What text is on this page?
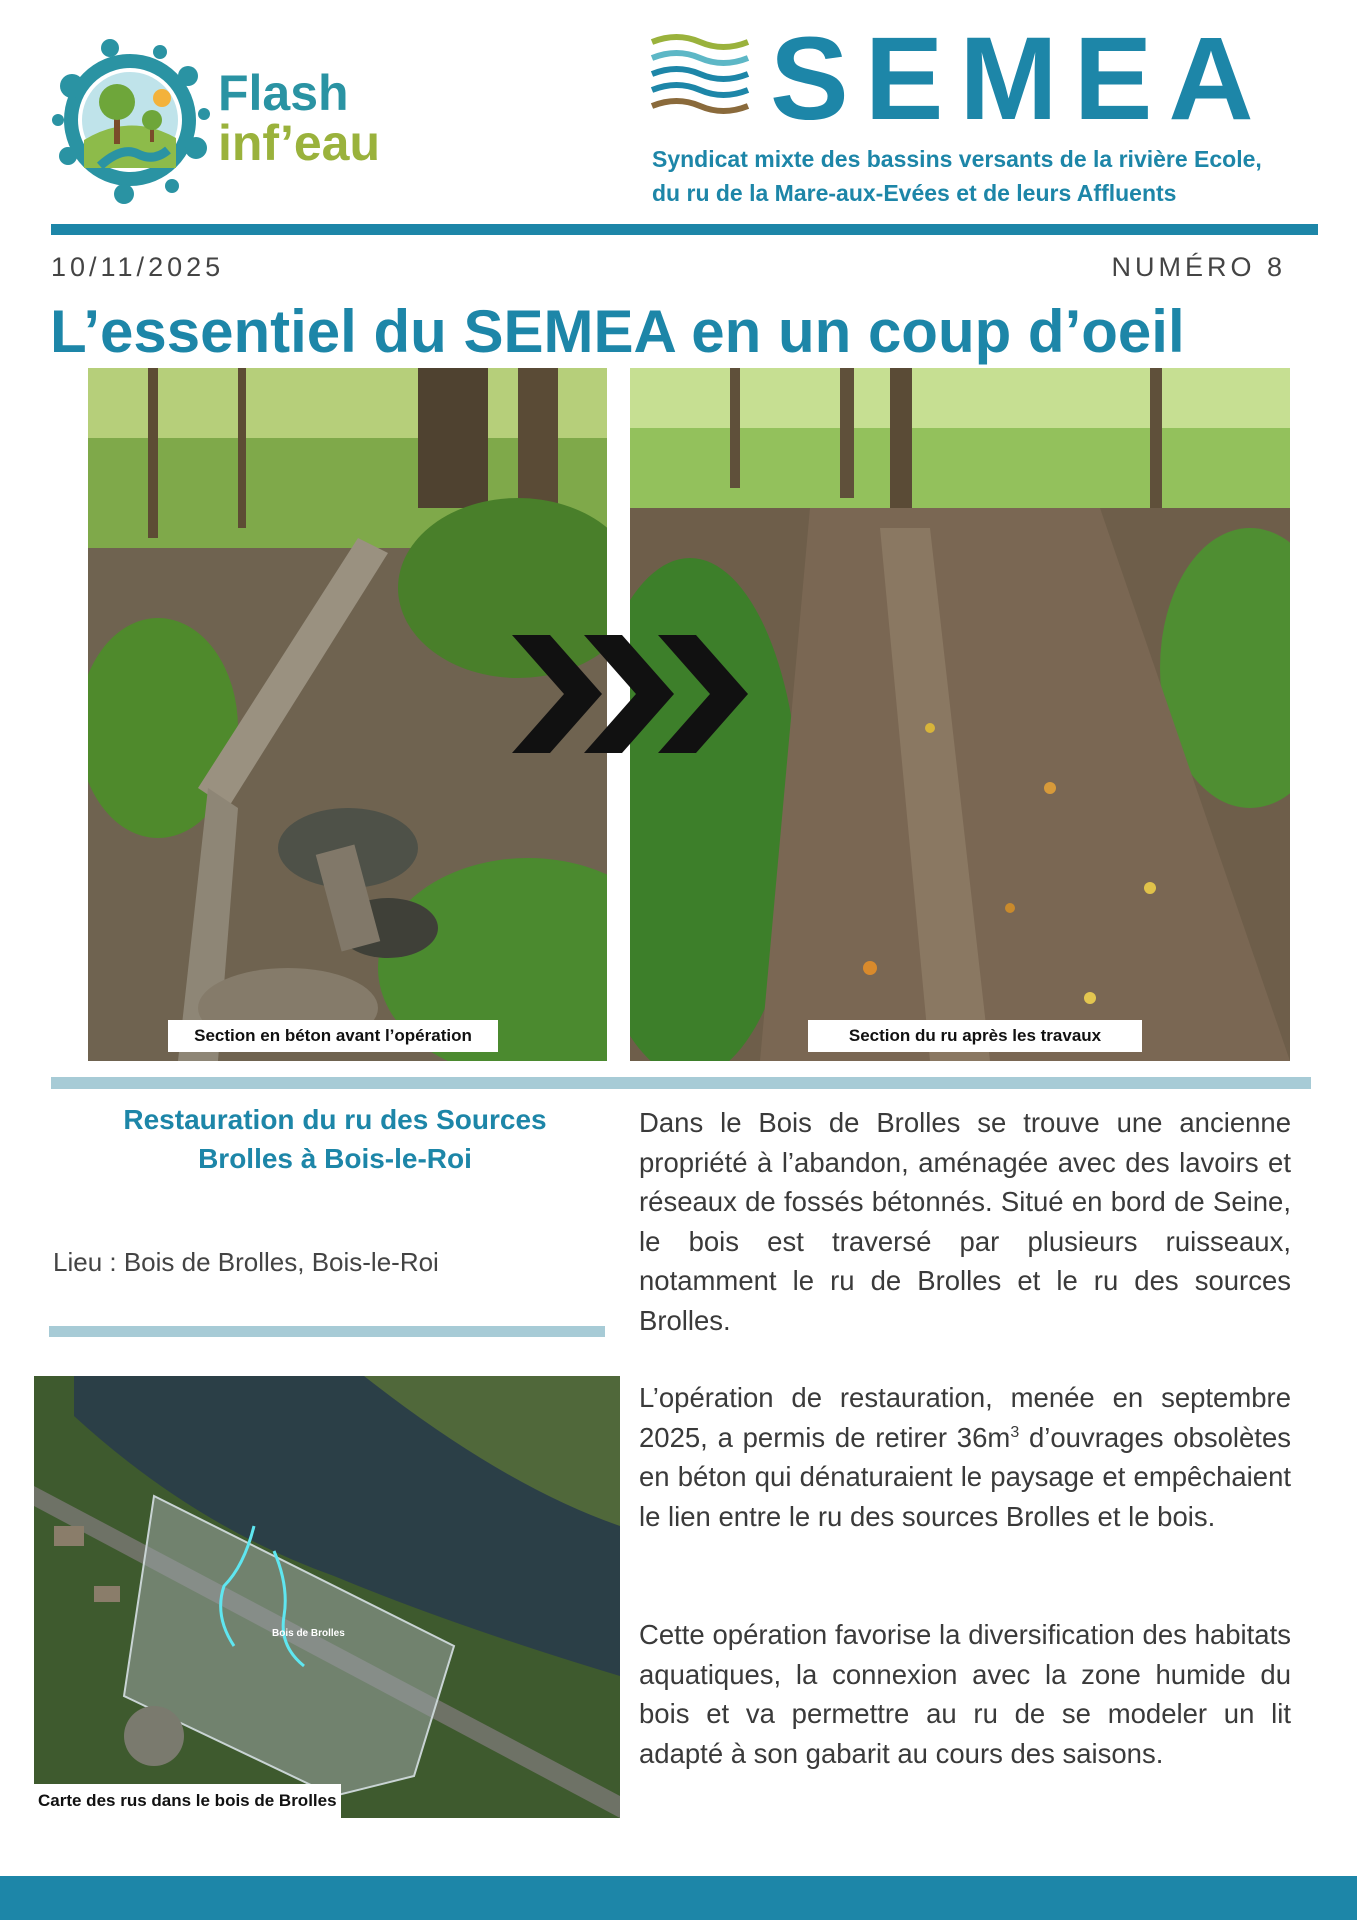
Flash
inf’eau	SEMEA
Syndicat mixte des bassins versants de la rivière Ecole,
du ru de la Mare-aux-Evées et de leurs Affluents
10/11/2025	NUMÉRO 8
L’essentiel du SEMEA en un coup d’oeil
Section en béton avant l’opération	Section du ru après les travaux
Restauration du ru des Sources
Brolles à Bois-le-Roi
Lieu : Bois de Brolles, Bois-le-Roi
Bois de Brolles
Carte des rus dans le bois de Brolles
Dans le Bois de Brolles se trouve une ancienne propriété à l’abandon, aménagée avec des lavoirs et réseaux de fossés bétonnés. Situé en bord de Seine, le bois est traversé par plusieurs ruisseaux, notamment le ru de Brolles et le ru des sources Brolles.
L’opération de restauration, menée en septembre 2025, a permis de retirer $36m^3$ d’ouvrages obsolètes en béton qui dénaturaient le paysage et empêchaient le lien entre le ru des sources Brolles et le bois.
Cette opération favorise la diversification des habitats aquatiques, la connexion avec la zone humide du bois et va permettre au ru de se modeler un lit adapté à son gabarit au cours des saisons.
